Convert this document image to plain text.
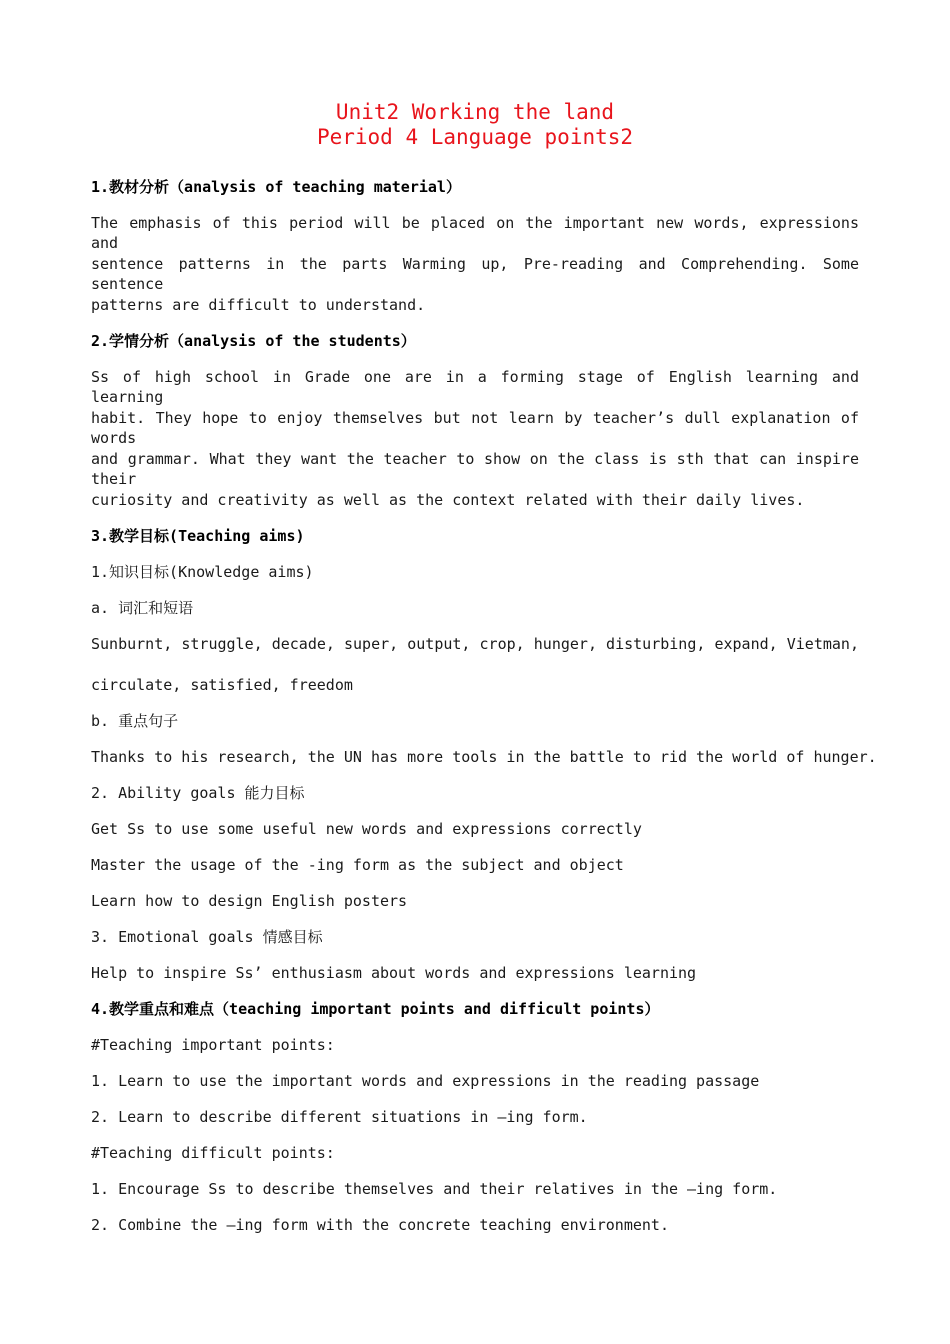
Unit2 Working the land
Period 4 Language points2
1.教材分析（analysis of teaching material）
The emphasis of this period will be placed on the important new words, expressions and
sentence patterns in the parts Warming up, Pre-reading and Comprehending. Some sentence
patterns are difficult to understand.
2.学情分析（analysis of the students）
Ss of high school in Grade one are in a forming stage of English learning and learning
habit. They hope to enjoy themselves but not learn by teacher’s dull explanation of words
and grammar. What they want the teacher to show on the class is sth that can inspire their
curiosity and creativity as well as the context related with their daily lives.
3.教学目标(Teaching aims)
1.知识目标(Knowledge aims)
a. 词汇和短语
Sunburnt, struggle, decade, super, output, crop, hunger, disturbing, expand, Vietman,
circulate, satisfied, freedom
b. 重点句子
Thanks to his research, the UN has more tools in the battle to rid the world of hunger.
2. Ability goals 能力目标
Get Ss to use some useful new words and expressions correctly
Master the usage of the -ing form as the subject and object
Learn how to design English posters
3. Emotional goals 情感目标
Help to inspire Ss’ enthusiasm about words and expressions learning
4.教学重点和难点（teaching important points and difficult points）
#Teaching important points:
1. Learn to use the important words and expressions in the reading passage
2. Learn to describe different situations in –ing form.
#Teaching difficult points:
1. Encourage Ss to describe themselves and their relatives in the –ing form.
2. Combine the –ing form with the concrete teaching environment.
